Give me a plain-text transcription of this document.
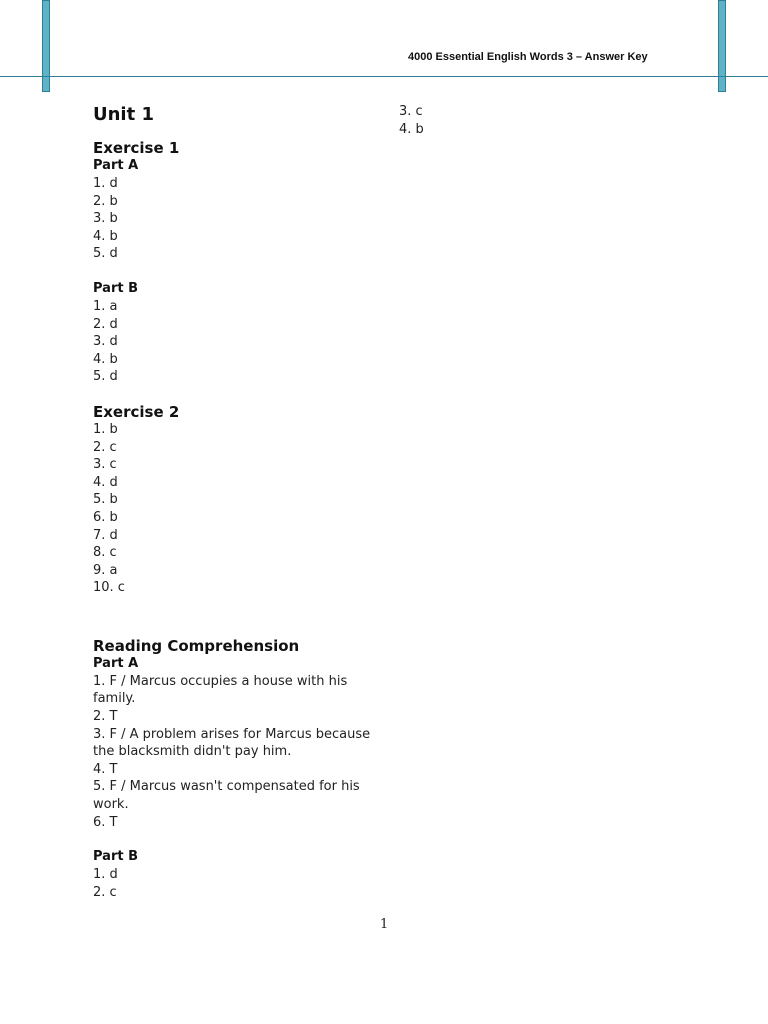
4000 Essential English Words 3 – Answer Key
Unit 1
Exercise 1
Part A
1. d
2. b
3. b
4. b
5. d
Part B
1. a
2. d
3. d
4. b
5. d
Exercise 2
1. b
2. c
3. c
4. d
5. b
6. b
7. d
8. c
9. a
10. c
Reading Comprehension
Part A
1. F / Marcus occupies a house with his family.
2. T
3. F / A problem arises for Marcus because the blacksmith didn't pay him.
4. T
5. F / Marcus wasn't compensated for his work.
6. T
Part B
1. d
2. c
3. c
4. b
1
